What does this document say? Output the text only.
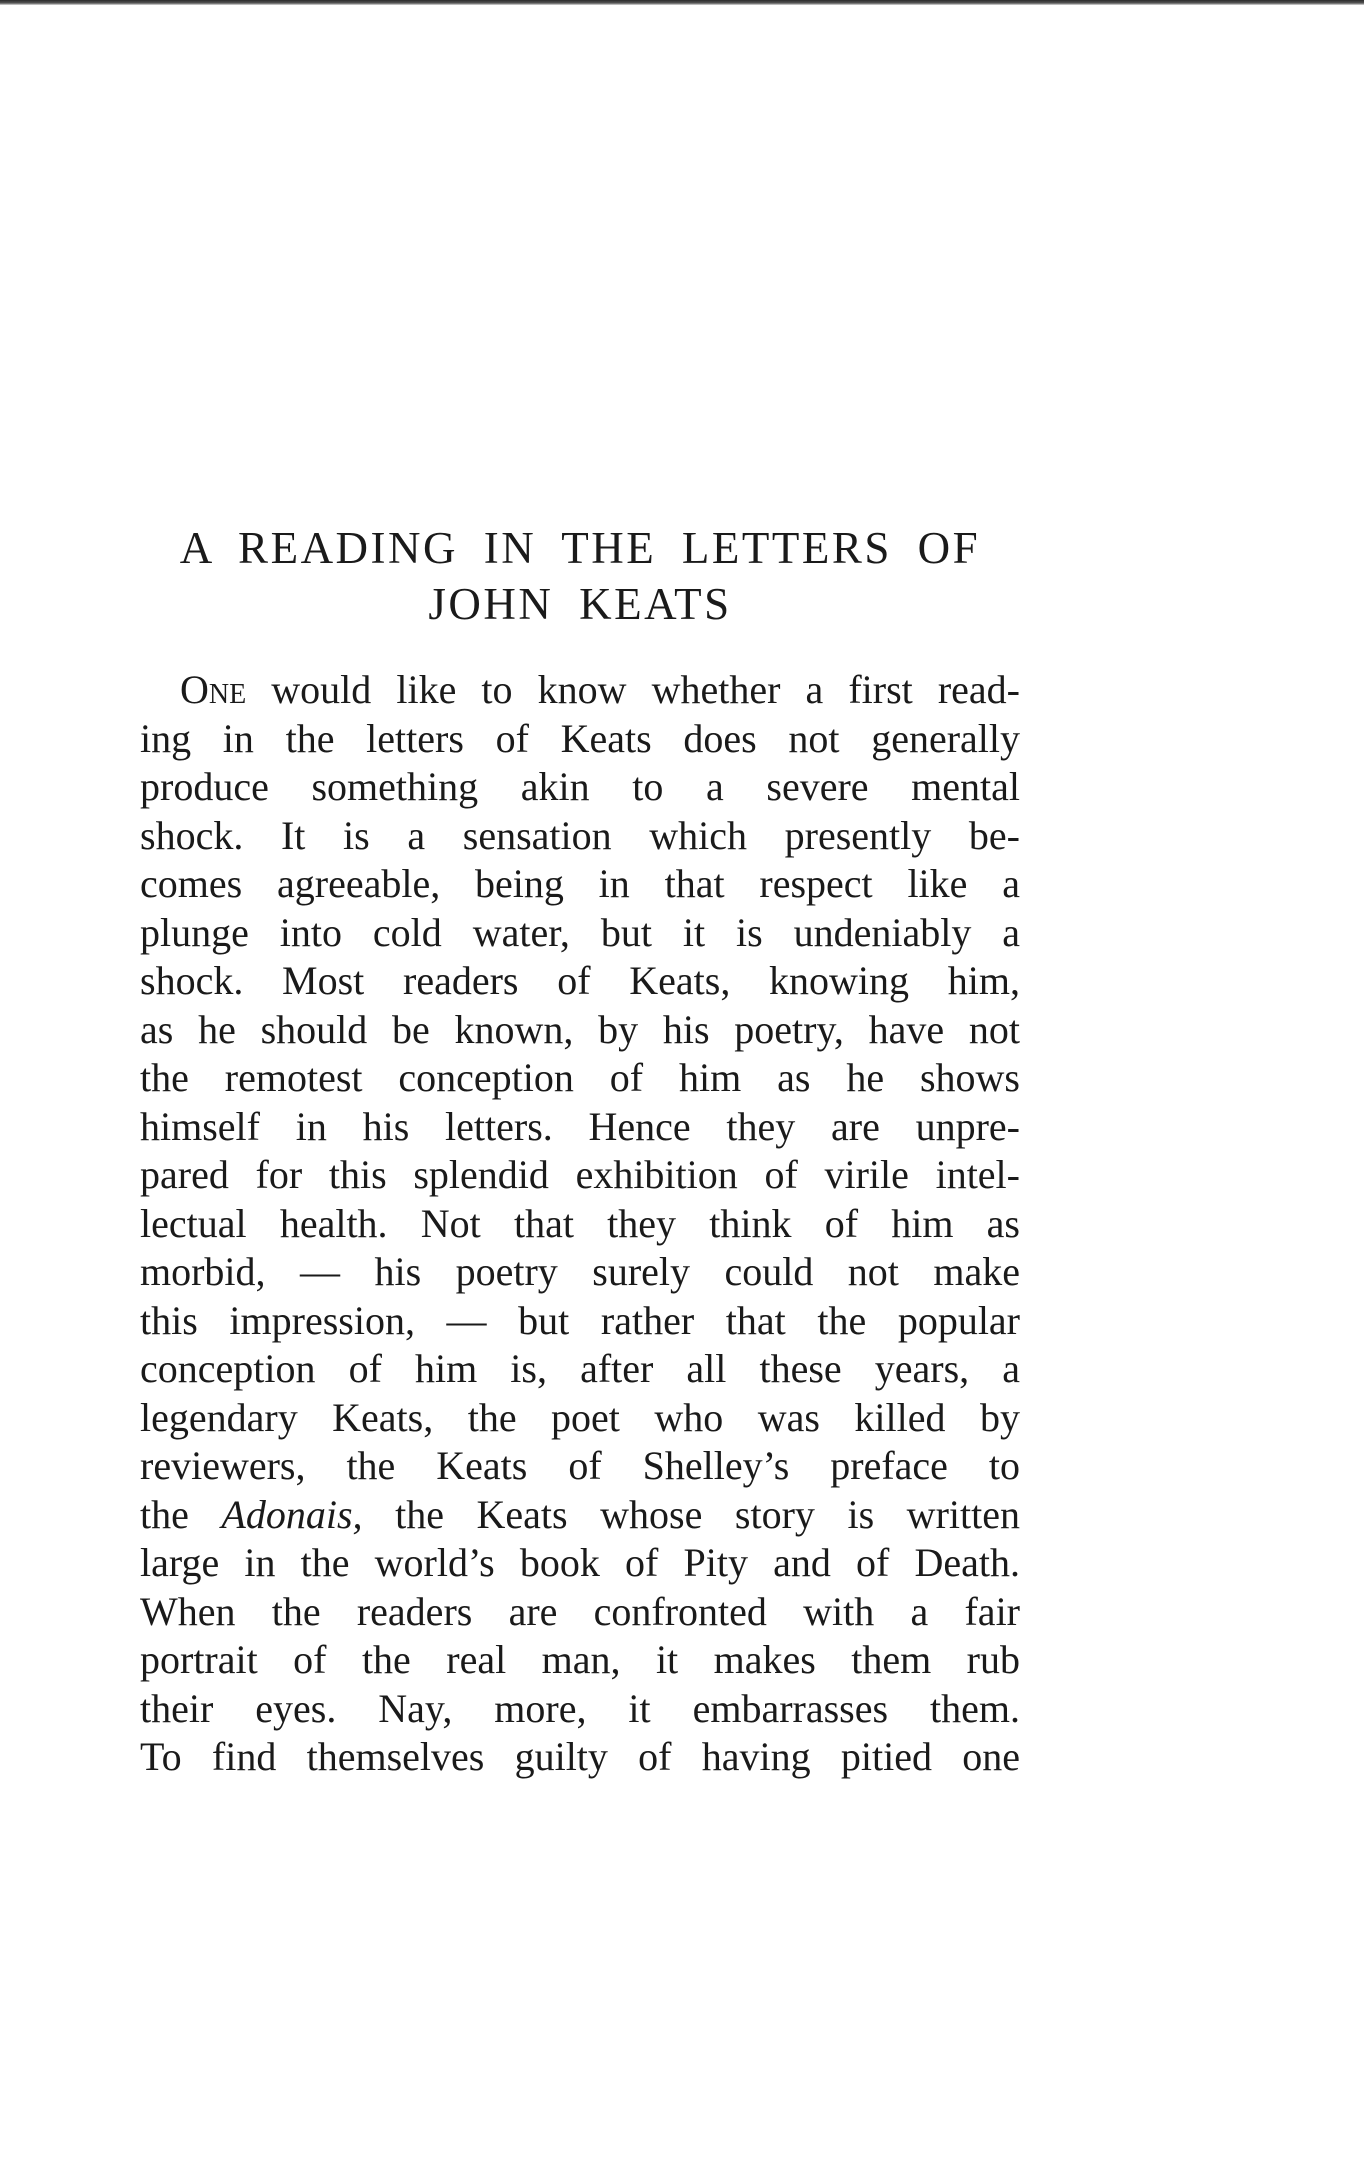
A READING IN THE LETTERS OF
JOHN KEATS
One would like to know whether a first read-
ing in the letters of Keats does not generally
produce something akin to a severe mental
shock. It is a sensation which presently be-
comes agreeable, being in that respect like a
plunge into cold water, but it is undeniably a
shock. Most readers of Keats, knowing him,
as he should be known, by his poetry, have not
the remotest conception of him as he shows
himself in his letters. Hence they are unpre-
pared for this splendid exhibition of virile intel-
lectual health. Not that they think of him as
morbid, — his poetry surely could not make
this impression, — but rather that the popular
conception of him is, after all these years, a
legendary Keats, the poet who was killed by
reviewers, the Keats of Shelley’s preface to
the Adonais, the Keats whose story is written
large in the world’s book of Pity and of Death.
When the readers are confronted with a fair
portrait of the real man, it makes them rub
their eyes. Nay, more, it embarrasses them.
To find themselves guilty of having pitied one
